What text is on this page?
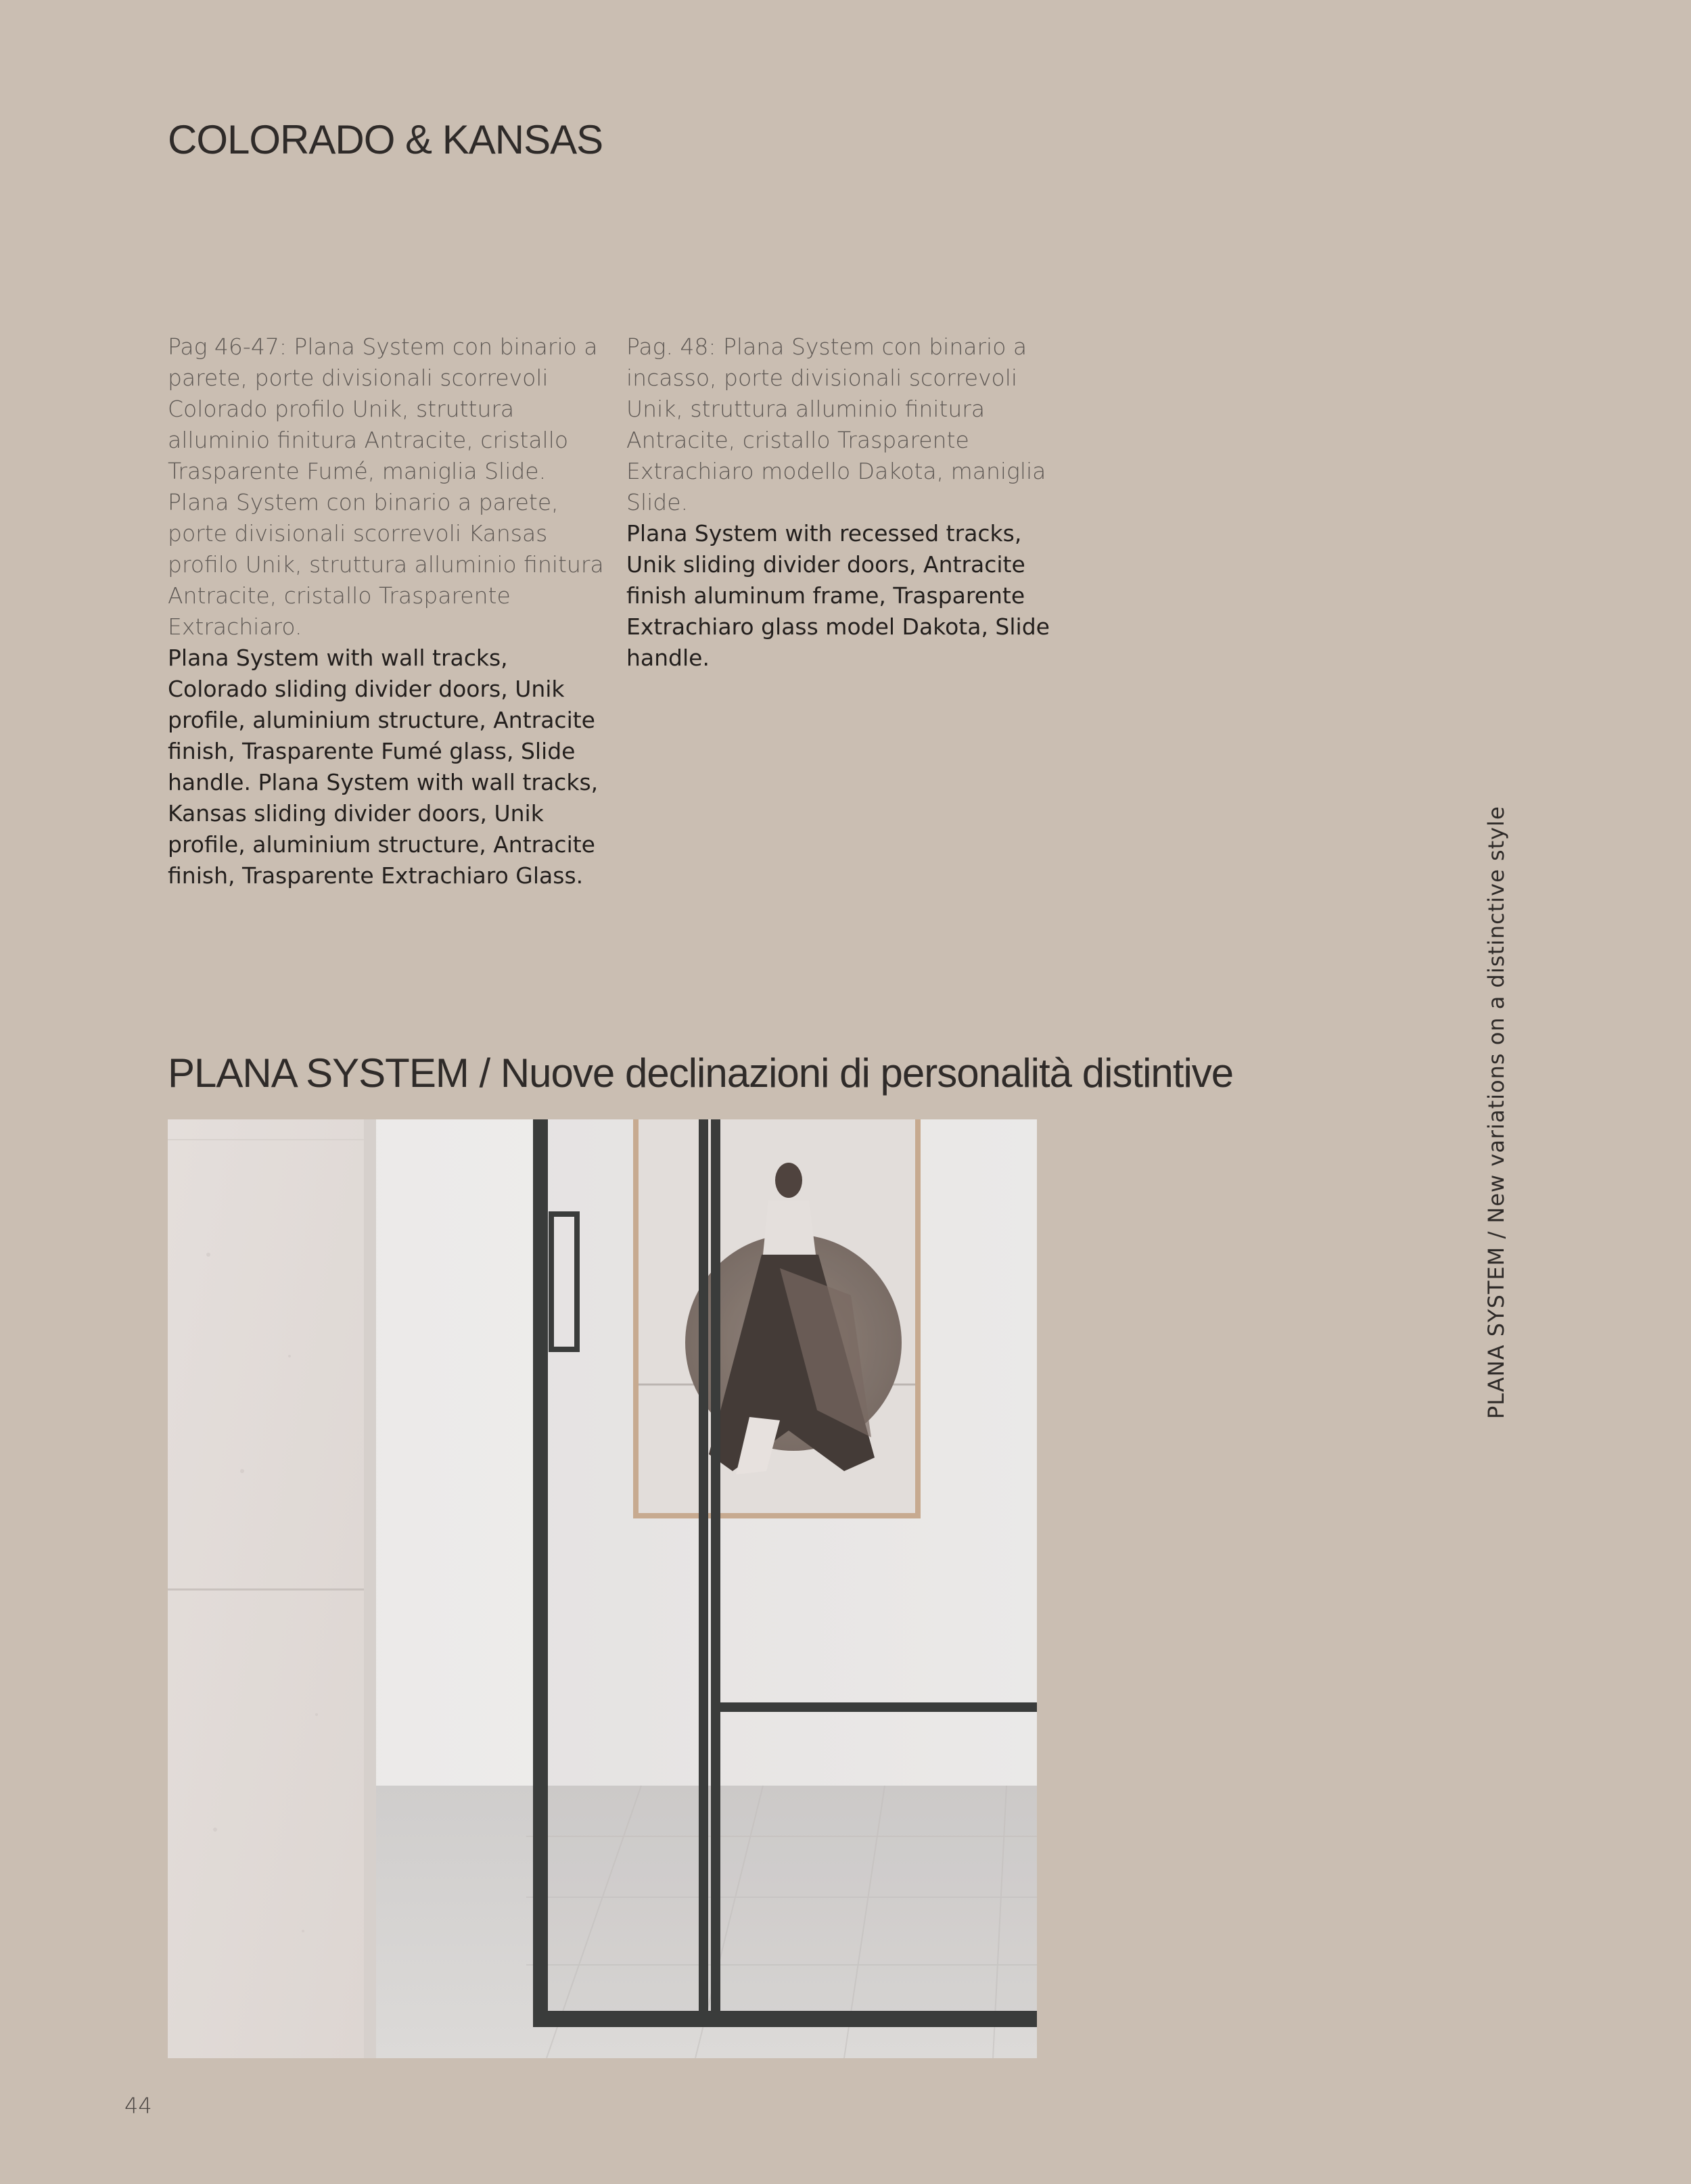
COLORADO & KANSAS

Pag 46-47: Plana System con binario a parete, porte divisionali scorrevoli Colorado profilo Unik, struttura alluminio finitura Antracite, cristallo Trasparente Fumé, maniglia Slide.

Plana System con binario a parete, porte divisionali scorrevoli Kansas profilo Unik, struttura alluminio finitura Antracite, cristallo Trasparente Extrachiaro.

Plana System with wall tracks, Colorado sliding divider doors, Unik profile, aluminium structure, Antracite finish, Trasparente Fumé glass, Slide handle. Plana System with wall tracks, Kansas sliding divider doors, Unik profile, aluminium structure, Antracite finish, Trasparente Extrachiaro Glass.

Pag. 48: Plana System con binario a incasso, porte divisionali scorrevoli Unik, struttura alluminio finitura Antracite, cristallo Trasparente Extrachiaro modello Dakota, maniglia Slide.

Plana System with recessed tracks, Unik sliding divider doors, Antracite finish aluminum frame, Trasparente Extrachiaro glass model Dakota, Slide handle.

PLANA SYSTEM / Nuove declinazioni di personalità distintive	PLANA SYSTEM / New variations on a distinctive style

44
